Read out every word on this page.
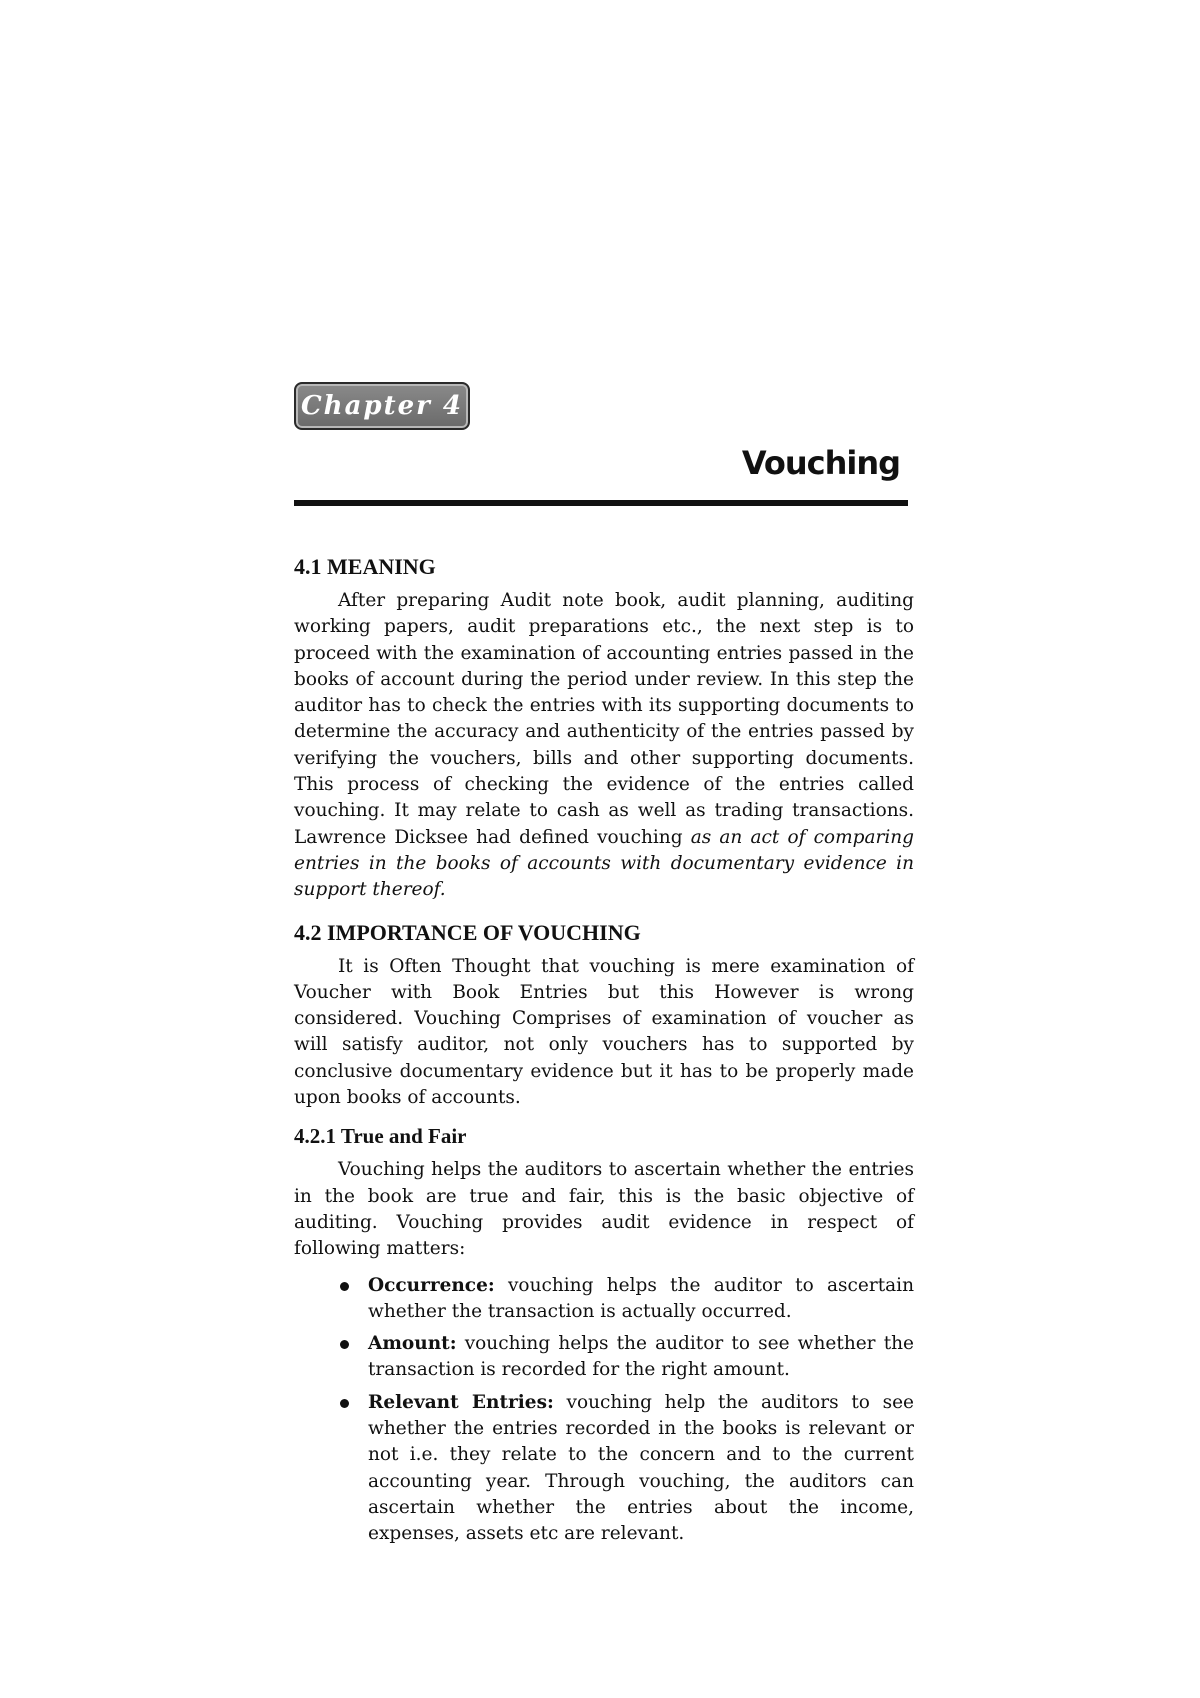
Chapter 4
Vouching
4.1 MEANING

After preparing Audit note book, audit planning, auditing working papers, audit preparations etc., the next step is to proceed with the examination of accounting entries passed in the books of account during the period under review. In this step the auditor has to check the entries with its supporting documents to determine the accuracy and authenticity of the entries passed by verifying the vouchers, bills and other supporting documents. This process of checking the evidence of the entries called vouching. It may relate to cash as well as trading transactions. Lawrence Dicksee had defined vouching as an act of comparing entries in the books of accounts with documentary evidence in support thereof.

4.2 IMPORTANCE OF VOUCHING

It is Often Thought that vouching is mere examination of Voucher with Book Entries but this However is wrong considered. Vouching Comprises of examination of voucher as will satisfy auditor, not only vouchers has to supported by conclusive documentary evidence but it has to be properly made upon books of accounts.

4.2.1 True and Fair

Vouching helps the auditors to ascertain whether the entries in the book are true and fair, this is the basic objective of auditing. Vouching provides audit evidence in respect of following matters:

Occurrence: vouching helps the auditor to ascertain whether the transaction is actually occurred.
Amount: vouching helps the auditor to see whether the transaction is recorded for the right amount.
Relevant Entries: vouching help the auditors to see whether the entries recorded in the books is relevant or not i.e. they relate to the concern and to the current accounting year. Through vouching, the auditors can ascertain whether the entries about the income, expenses, assets etc are relevant.
